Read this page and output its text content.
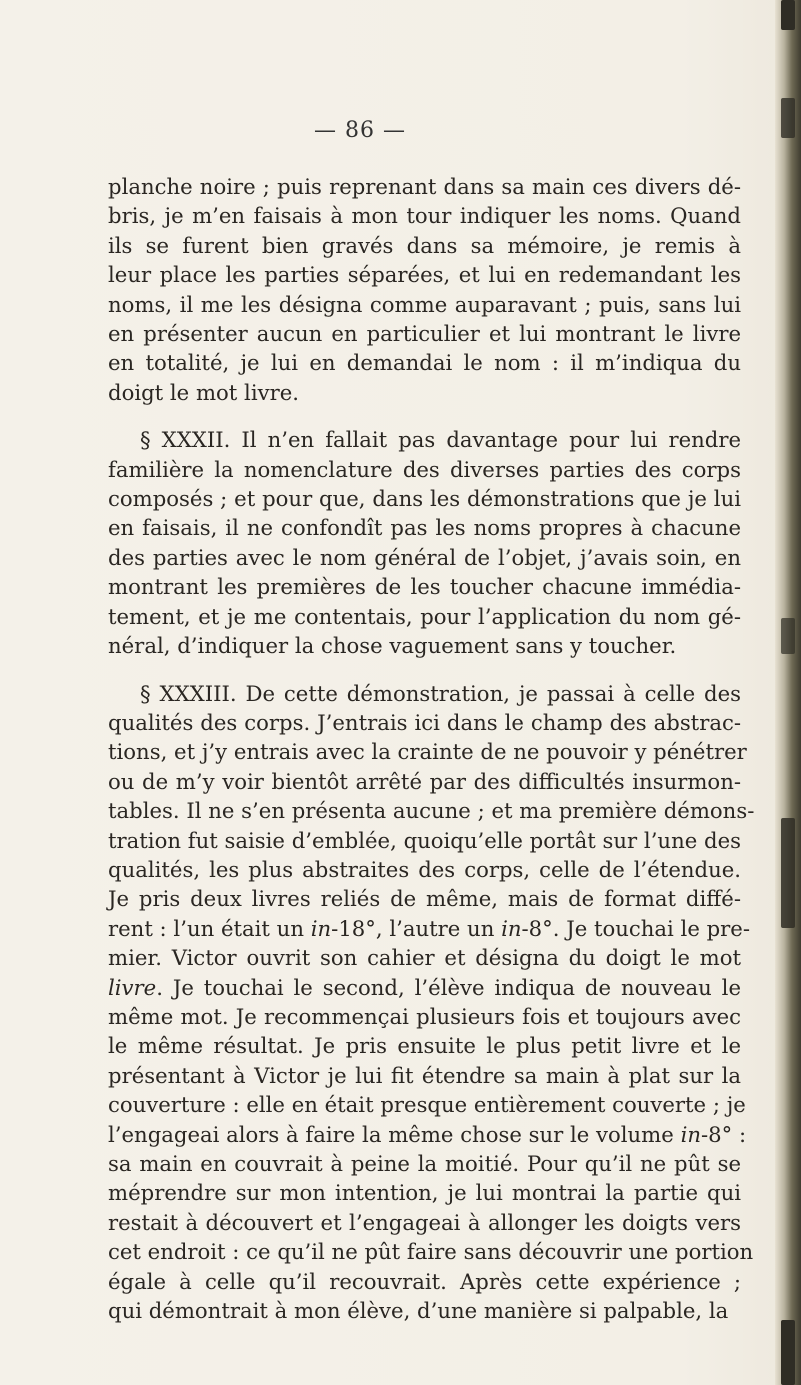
— 86 —
planche noire ; puis reprenant dans sa main ces divers dé-
bris, je m’en faisais à mon tour indiquer les noms. Quand
ils se furent bien gravés dans sa mémoire, je remis à
leur place les parties séparées, et lui en redemandant les
noms, il me les désigna comme auparavant ; puis, sans lui
en présenter aucun en particulier et lui montrant le livre
en totalité, je lui en demandai le nom : il m’indiqua du
doigt le mot livre.
§ XXXII. Il n’en fallait pas davantage pour lui rendre
familière la nomenclature des diverses parties des corps
composés ; et pour que, dans les démonstrations que je lui
en faisais, il ne confondît pas les noms propres à chacune
des parties avec le nom général de l’objet, j’avais soin, en
montrant les premières de les toucher chacune immédia-
tement, et je me contentais, pour l’application du nom gé-
néral, d’indiquer la chose vaguement sans y toucher.
§ XXXIII. De cette démonstration, je passai à celle des
qualités des corps. J’entrais ici dans le champ des abstrac-
tions, et j’y entrais avec la crainte de ne pouvoir y pénétrer
ou de m’y voir bientôt arrêté par des difficultés insurmon-
tables. Il ne s’en présenta aucune ; et ma première démons-
tration fut saisie d’emblée, quoiqu’elle portât sur l’une des
qualités, les plus abstraites des corps, celle de l’étendue.
Je pris deux livres reliés de même, mais de format diffé-
rent : l’un était un in-18°, l’autre un in-8°. Je touchai le pre-
mier. Victor ouvrit son cahier et désigna du doigt le mot
livre. Je touchai le second, l’élève indiqua de nouveau le
même mot. Je recommençai plusieurs fois et toujours avec
le même résultat. Je pris ensuite le plus petit livre et le
présentant à Victor je lui fit étendre sa main à plat sur la
couverture : elle en était presque entièrement couverte ; je
l’engageai alors à faire la même chose sur le volume in-8° :
sa main en couvrait à peine la moitié. Pour qu’il ne pût se
méprendre sur mon intention, je lui montrai la partie qui
restait à découvert et l’engageai à allonger les doigts vers
cet endroit : ce qu’il ne pût faire sans découvrir une portion
égale à celle qu’il recouvrait. Après cette expérience ;
qui démontrait à mon élève, d’une manière si palpable, la
